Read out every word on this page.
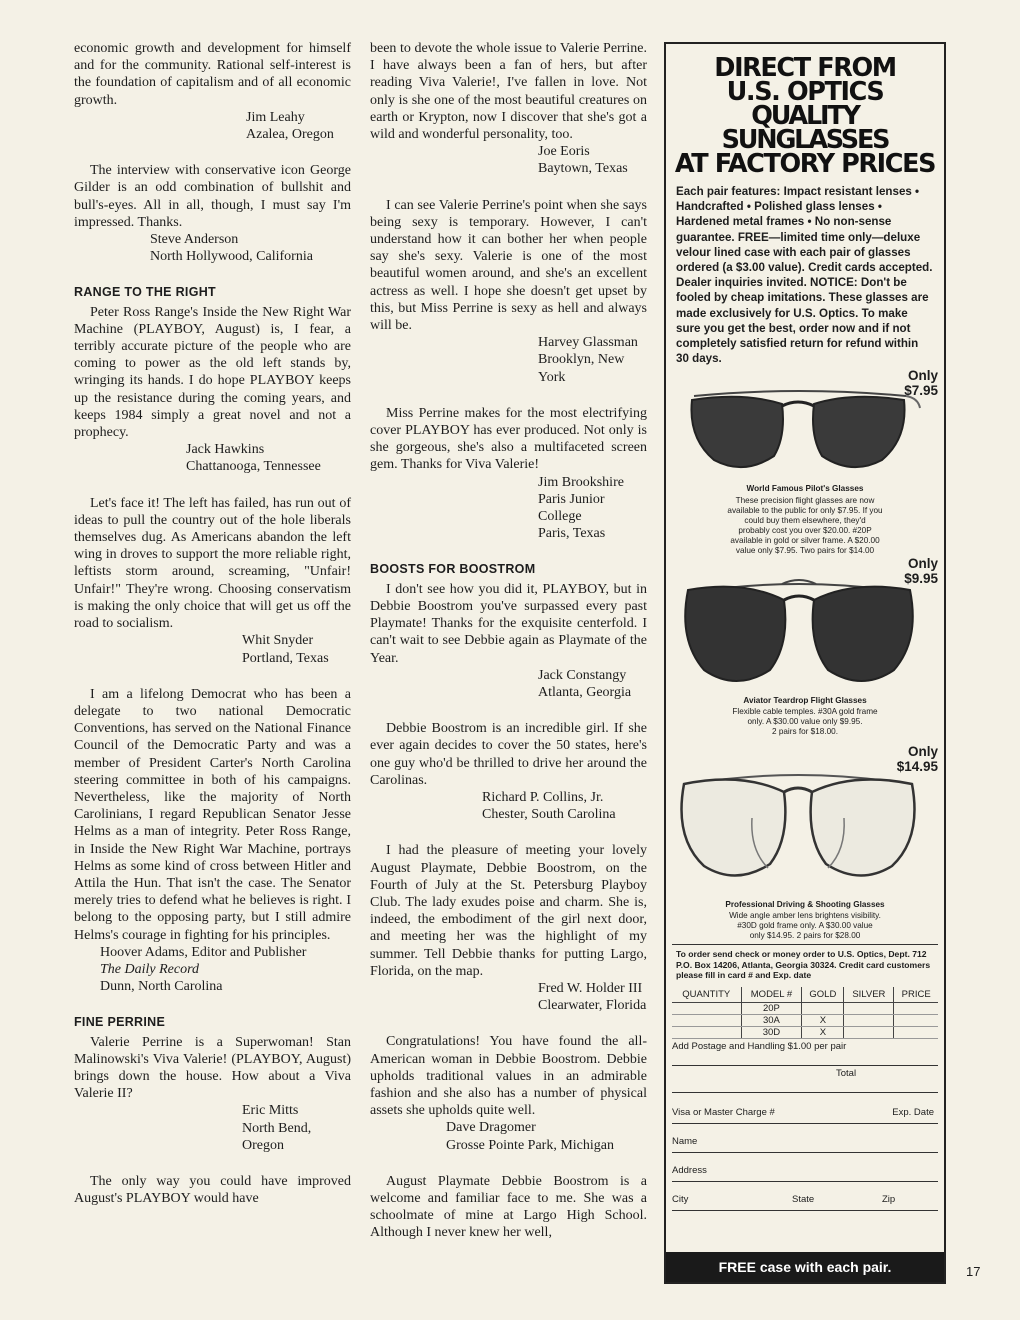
economic growth and development for himself and for the community. Rational self-interest is the foundation of capitalism and of all economic growth.

Jim Leahy
Azalea, Oregon

The interview with conservative icon George Gilder is an odd combination of bullshit and bull's-eyes. All in all, though, I must say I'm impressed. Thanks.

Steve Anderson
North Hollywood, California
RANGE TO THE RIGHT

Peter Ross Range's Inside the New Right War Machine (PLAYBOY, August) is, I fear, a terribly accurate picture of the people who are coming to power as the old left stands by, wringing its hands. I do hope PLAYBOY keeps up the resistance during the coming years, and keeps 1984 simply a great novel and not a prophecy.

Jack Hawkins
Chattanooga, Tennessee

Let's face it! The left has failed, has run out of ideas to pull the country out of the hole liberals themselves dug. As Americans abandon the left wing in droves to support the more reliable right, leftists storm around, screaming, "Unfair! Unfair!" They're wrong. Choosing conservatism is making the only choice that will get us off the road to socialism.

Whit Snyder
Portland, Texas

I am a lifelong Democrat who has been a delegate to two national Democratic Conventions, has served on the National Finance Council of the Democratic Party and was a member of President Carter's North Carolina steering committee in both of his campaigns. Nevertheless, like the majority of North Carolinians, I regard Republican Senator Jesse Helms as a man of integrity. Peter Ross Range, in Inside the New Right War Machine, portrays Helms as some kind of cross between Hitler and Attila the Hun. That isn't the case. The Senator merely tries to defend what he believes is right. I belong to the opposing party, but I still admire Helms's courage in fighting for his principles.

Hoover Adams, Editor and Publisher
The Daily Record
Dunn, North Carolina
FINE PERRINE

Valerie Perrine is a Superwoman! Stan Malinowski's Viva Valerie! (PLAYBOY, August) brings down the house. How about a Viva Valerie II?

Eric Mitts
North Bend, Oregon

The only way you could have improved August's PLAYBOY would have

been to devote the whole issue to Valerie Perrine. I have always been a fan of hers, but after reading Viva Valerie!, I've fallen in love. Not only is she one of the most beautiful creatures on earth or Krypton, now I discover that she's got a wild and wonderful personality, too.

Joe Eoris
Baytown, Texas

I can see Valerie Perrine's point when she says being sexy is temporary. However, I can't understand how it can bother her when people say she's sexy. Valerie is one of the most beautiful women around, and she's an excellent actress as well. I hope she doesn't get upset by this, but Miss Perrine is sexy as hell and always will be.

Harvey Glassman
Brooklyn, New York

Miss Perrine makes for the most electrifying cover PLAYBOY has ever produced. Not only is she gorgeous, she's also a multifaceted screen gem. Thanks for Viva Valerie!

Jim Brookshire
Paris Junior College
Paris, Texas
BOOSTS FOR BOOSTROM

I don't see how you did it, PLAYBOY, but in Debbie Boostrom you've surpassed every past Playmate! Thanks for the exquisite centerfold. I can't wait to see Debbie again as Playmate of the Year.

Jack Constangy
Atlanta, Georgia

Debbie Boostrom is an incredible girl. If she ever again decides to cover the 50 states, here's one guy who'd be thrilled to drive her around the Carolinas.

Richard P. Collins, Jr.
Chester, South Carolina

I had the pleasure of meeting your lovely August Playmate, Debbie Boostrom, on the Fourth of July at the St. Petersburg Playboy Club. The lady exudes poise and charm. She is, indeed, the embodiment of the girl next door, and meeting her was the highlight of my summer. Tell Debbie thanks for putting Largo, Florida, on the map.

Fred W. Holder III
Clearwater, Florida

Congratulations! You have found the all-American woman in Debbie Boostrom. Debbie upholds traditional values in an admirable fashion and she also has a number of physical assets she upholds quite well.

Dave Dragomer
Grosse Pointe Park, Michigan

August Playmate Debbie Boostrom is a welcome and familiar face to me. She was a schoolmate of mine at Largo High School. Although I never knew her well,

DIRECT FROM
U.S. OPTICS
QUALITY SUNGLASSES
AT FACTORY PRICES
Each pair features: Impact resistant lenses • Handcrafted • Polished glass lenses • Hardened metal frames • No non-sense guarantee. FREE—limited time only—deluxe velour lined case with each pair of glasses ordered (a $3.00 value). Credit cards accepted. Dealer inquiries invited. NOTICE: Don't be fooled by cheap imitations. These glasses are made exclusively for U.S. Optics. To make sure you get the best, order now and if not completely satisfied return for refund within 30 days.
Only
$7.95
World Famous Pilot's Glasses
These precision flight glasses are now
available to the public for only $7.95. If you
could buy them elsewhere, they'd
probably cost you over $20.00. #20P
available in gold or silver frame. A $20.00
value only $7.95. Two pairs for $14.00
Only
$9.95
Aviator Teardrop Flight Glasses
Flexible cable temples. #30A gold frame
only. A $30.00 value only $9.95.
2 pairs for $18.00.
Only
$14.95
Professional Driving & Shooting Glasses
Wide angle amber lens brightens visibility.
#30D gold frame only. A $30.00 value
only $14.95. 2 pairs for $28.00
To order send check or money order to U.S. Optics, Dept. 712 P.O. Box 14206, Atlanta, Georgia 30324. Credit card customers please fill in card # and Exp. date
QUANTITY	MODEL #	GOLD	SILVER	PRICE
	20P			
	30A	X		
	30D	X		
Add Postage and Handling $1.00 per pair
Total
Visa or Master Charge #	Exp. Date
Name
Address
City	State	Zip
FREE case with each pair.	17
